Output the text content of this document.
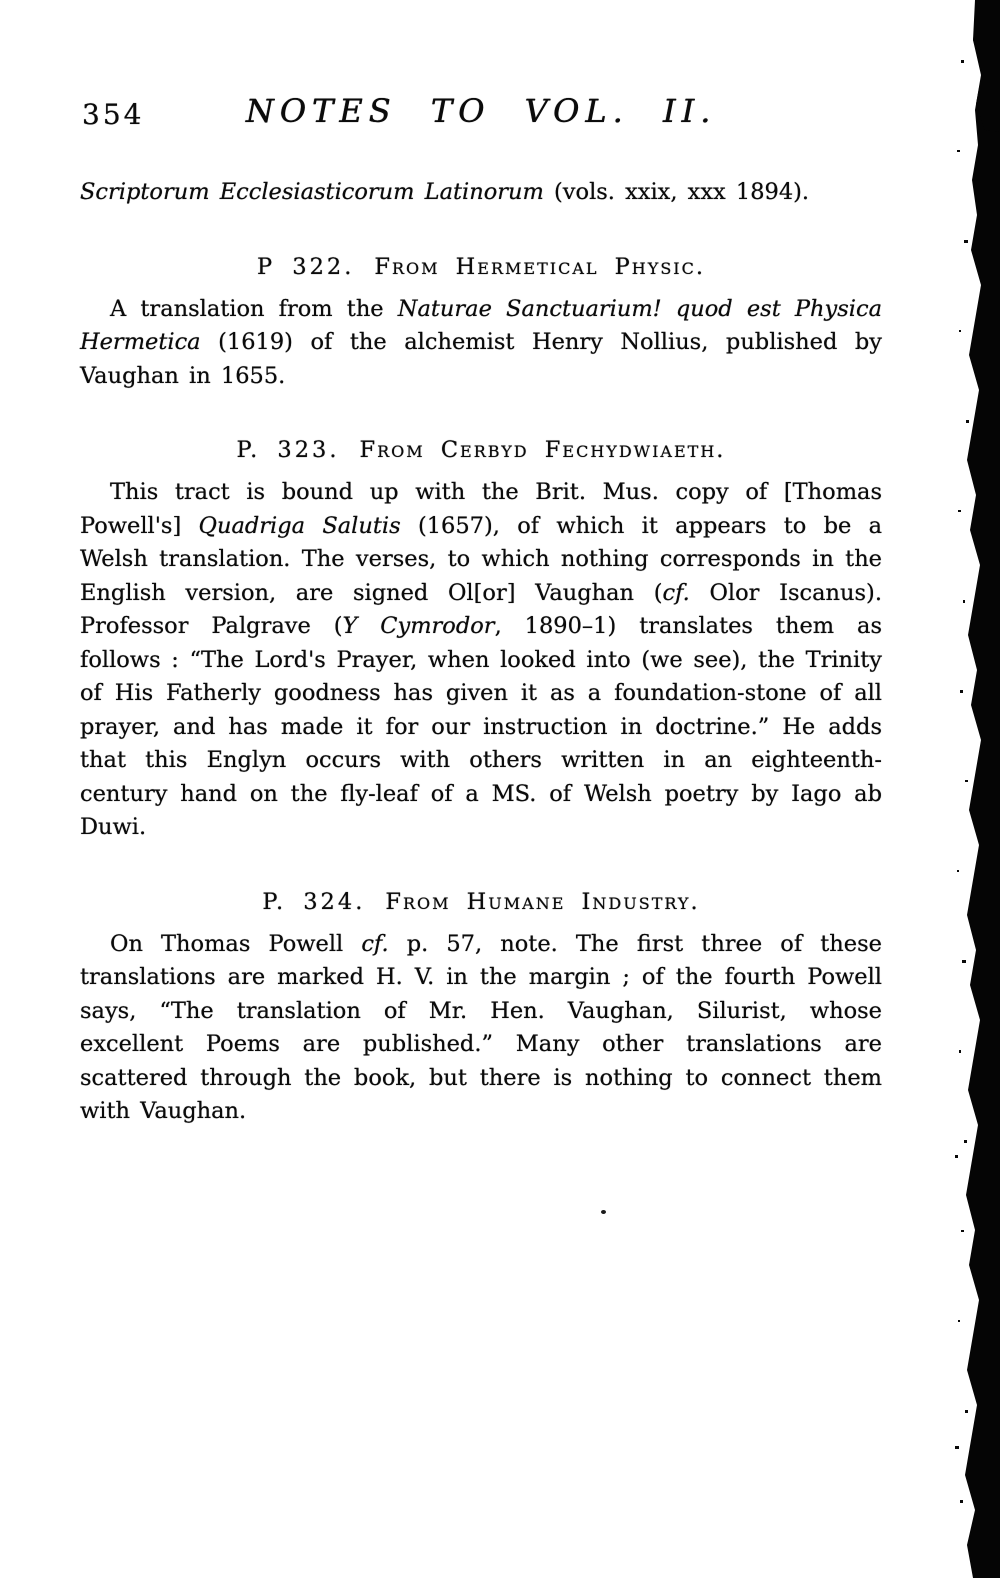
354	NOTES TO VOL. II.

Scriptorum Ecclesiasticorum Latinorum (vols. xxix, xxx 1894).

P 322. From Hermetical Physic.

A translation from the Naturae Sanctuarium! quod est Physica Hermetica (1619) of the alchemist Henry Nollius, published by Vaughan in 1655.

P. 323. From Cerbyd Fechydwiaeth.

This tract is bound up with the Brit. Mus. copy of [Thomas Powell's] Quadriga Salutis (1657), of which it appears to be a Welsh translation. The verses, to which nothing corresponds in the English version, are signed Ol[or] Vaughan (cf. Olor Iscanus). Professor Palgrave (Y Cymrodor, 1890–1) translates them as follows : “The Lord's Prayer, when looked into (we see), the Trinity of His Fatherly goodness has given it as a foundation-stone of all prayer, and has made it for our instruction in doctrine.” He adds that this Englyn occurs with others written in an eighteenth-century hand on the fly-leaf of a MS. of Welsh poetry by Iago ab Duwi.

P. 324. From Humane Industry.

On Thomas Powell cf. p. 57, note. The first three of these translations are marked H. V. in the margin ; of the fourth Powell says, “The translation of Mr. Hen. Vaughan, Silurist, whose excellent Poems are published.” Many other translations are scattered through the book, but there is nothing to connect them with Vaughan.
